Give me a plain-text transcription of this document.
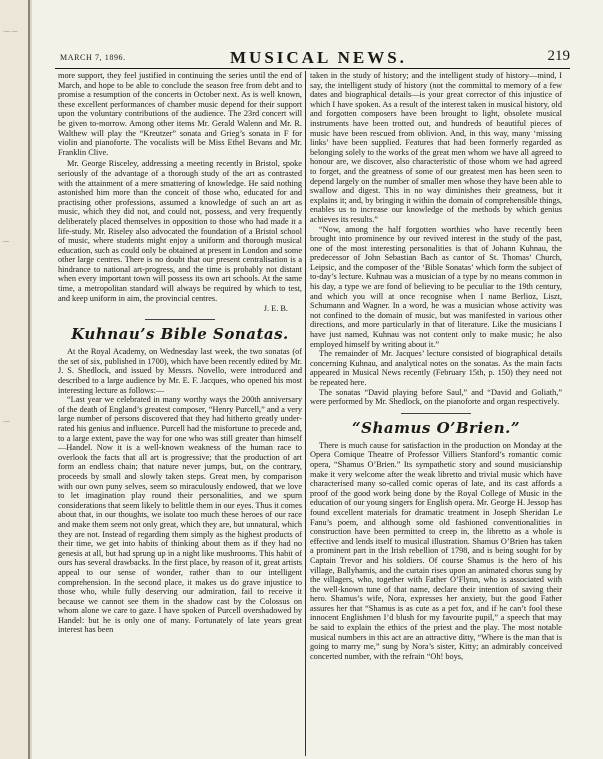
·— ·—
—·
·—
MARCH 7, 1896.	MUSICAL NEWS.	219

more support, they feel justified in continuing the series until the end of March, and hope to be able to conclude the season free from debt and to promise a resumption of the concerts in October next. As is well known, these excellent performances of chamber music depend for their support upon the voluntary contributions of the audience. The 23rd concert will be given to-morrow. Among other items Mr. Gerald Walenn and Mr. R. Walthew will play the “Kreutzer” sonata and Grieg’s sonata in F for violin and pianoforte. The vocalists will be Miss Ethel Bevans and Mr. Franklin Clive.

Mr. George Risceley, addressing a meeting recently in Bristol, spoke seriously of the advantage of a thorough study of the art as contrasted with the attainment of a mere smattering of knowledge. He said nothing astonished him more than the conceit of those who, educated for and practising other professions, assumed a knowledge of such an art as music, which they did not, and could not, possess, and very frequently deliberately placed themselves in opposition to those who had made it a life-study. Mr. Riseley also advocated the foundation of a Bristol school of music, where students might enjoy a uniform and thorough musical education, such as could only be obtained at present in London and some other large centres. There is no doubt that our present centralisation is a hindrance to national art-progress, and the time is probably not distant when every important town will possess its own art schools. At the same time, a metropolitan standard will always be required by which to test, and keep uniform in aim, the provincial centres.

J. E. B.
Kuhnau’s Bible Sonatas.

At the Royal Academy, on Wednesday last week, the two sonatas (of the set of six, published in 1700), which have been recently edited by Mr. J. S. Shedlock, and issued by Messrs. Novello, were introduced and described to a large audience by Mr. E. F. Jacques, who opened his most interesting lecture as follows:—

“Last year we celebrated in many worthy ways the 200th anniversary of the death of England’s greatest composer, “Henry Purcell,” and a very large number of persons discovered that they had hitherto greatly under-rated his genius and influence. Purcell had the misfortune to precede and, to a large extent, pave the way for one who was still greater than himself—Handel. Now it is a well-known weakness of the human race to overlook the facts that all art is progressive; that the production of art form an endless chain; that nature never jumps, but, on the contrary, proceeds by small and slowly taken steps. Great men, by comparison with our own puny selves, seem so miraculously endowed, that we love to let imagination play round their personalities, and we spurn considerations that seem likely to belittle them in our eyes. Thus it comes about that, in our thoughts, we isolate too much these heroes of our race and make them seem not only great, which they are, but unnatural, which they are not. Instead of regarding them simply as the highest products of their time, we get into habits of thinking about them as if they had no genesis at all, but had sprung up in a night like mushrooms. This habit of ours has several drawbacks. In the first place, by reason of it, great artists appeal to our sense of wonder, rather than to our intelligent comprehension. In the second place, it makes us do grave injustice to those who, while fully deserving our admiration, fail to receive it because we cannot see them in the shadow cast by the Colossus on whom alone we care to gaze. I have spoken of Purcell overshadowed by Handel: but he is only one of many. Fortunately of late years great interest has been

taken in the study of history; and the intelligent study of history—mind, I say, the intelligent study of history (not the committal to memory of a few dates and biographical details—is your great corrector of this injustice of which I have spoken. As a result of the interest taken in musical history, old and forgotten composers have been brought to light, obsolete musical instruments have been trotted out, and hundreds of beautiful pieces of music have been rescued from oblivion. And, in this way, many ‘missing links’ have been supplied. Features that had been formerly regarded as belonging solely to the works of the great men whom we have all agreed to honour are, we discover, also characteristic of those whom we had agreed to forget, and the greatness of some of our greatest men has been seen to depend largely on the number of smaller men whose they have been able to swallow and digest. This in no way diminishes their greatness, but it explains it; and, by bringing it within the domain of comprehensible things, enables us to increase our knowledge of the methods by which genius achieves its results.”

“Now, among the half forgotten worthies who have recently been brought into prominence by our revived interest in the study of the past, one of the most interesting personalities is that of Johann Kuhnau, the predecessor of John Sebastian Bach as cantor of St. Thomas’ Church, Leipsic, and the composer of the ‘Bible Sonatas’ which form the subject of to-day’s lecture. Kuhnau was a musician of a type by no means common in his day, a type we are fond of believing to be peculiar to the 19th century, and which you will at once recognise when I name Berlioz, Liszt, Schumann and Wagner. In a word, he was a musician whose activity was not confined to the domain of music, but was manifested in various other directions, and more particularly in that of literature. Like the musicians I have just named, Kuhnau was not content only to make music; he also employed himself by writing about it.”

The remainder of Mr. Jacques’ lecture consisted of biographical details concerning Kuhnau, and analytical notes on the sonatas. As the main facts appeared in Musical News recently (February 15th, p. 150) they need not be repeated here.

The sonatas “David playing before Saul,” and “David and Goliath,” were performed by Mr. Shedlock, on the pianoforte and organ respectively.

“Shamus O’Brien.”

There is much cause for satisfaction in the production on Monday at the Opera Comique Theatre of Professor Villiers Stanford’s romantic comic opera, “Shamus O’Brien.” Its sympathetic story and sound musicianship make it very welcome after the weak libretto and trivial music which have characterised many so-called comic operas of late, and its cast affords a proof of the good work being done by the Royal College of Music in the education of our young singers for English opera. Mr. George H. Jessop has found excellent materials for dramatic treatment in Joseph Sheridan Le Fanu’s poem, and although some old fashioned conventionalities in construction have been permitted to creep in, the libretto as a whole is effective and lends itself to musical illustration. Shamus O’Brien has taken a prominent part in the Irish rebellion of 1798, and is being sought for by Captain Trevor and his soldiers. Of course Shamus is the hero of his village, Ballyhamis, and the curtain rises upon an animated chorus sung by the villagers, who, together with Father O’Flynn, who is associated with the well-known tune of that name, declare their intention of saving their hero. Shamus’s wife, Nora, expresses her anxiety, but the good Father assures her that “Shamus is as cute as a pet fox, and if he can’t fool these innocent Englishmen I’d blush for my favourite pupil,” a speech that may be said to explain the ethics of the priest and the play. The most notable musical numbers in this act are an attractive ditty, “Where is the man that is going to marry me,” sung by Nora’s sister, Kitty; an admirably conceived concerted number, with the refrain “Oh! boys,
